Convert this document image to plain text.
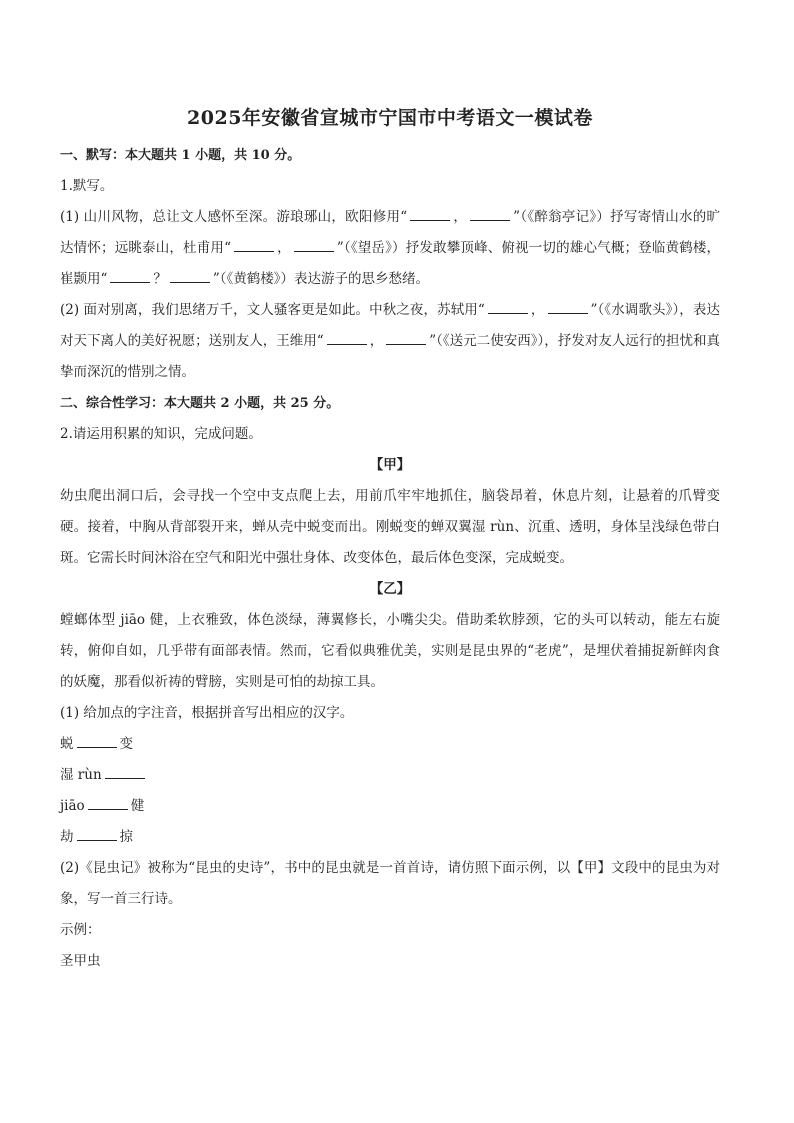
2025年安徽省宣城市宁国市中考语文一模试卷

一、默写：本大题共 1 小题，共 10 分。

1.默写。

(1) 山川风物，总让文人感怀至深。游琅琊山，欧阳修用“	，	”（《醉翁亭记》）抒写寄情山水的旷达情怀；远眺泰山，杜甫用“	，	”（《望岳》）抒发敢攀顶峰、俯视一切的雄心气概；登临黄鹤楼，崔颢用“	？	”（《黄鹤楼》）表达游子的思乡愁绪。

(2) 面对别离，我们思绪万千，文人骚客更是如此。中秋之夜，苏轼用“	，	”（《水调歌头》），表达对天下离人的美好祝愿；送别友人，王维用“	，	”（《送元二使安西》），抒发对友人远行的担忧和真挚而深沉的惜别之情。

二、综合性学习：本大题共 2 小题，共 25 分。

2.请运用积累的知识，完成问题。

【甲】

幼虫爬出洞口后，会寻找一个空中支点爬上去，用前爪牢牢地抓住，脑袋昂着，休息片刻，让悬着的爪臂变硬。接着，中胸从背部裂开来，蝉从壳中蜕变而出。刚蜕变的蝉双翼湿 rùn、沉重、透明，身体呈浅绿色带白斑。它需长时间沐浴在空气和阳光中强壮身体、改变体色，最后体色变深，完成蜕变。

【乙】

螳螂体型 jiāo 健，上衣雅致，体色淡绿，薄翼修长，小嘴尖尖。借助柔软脖颈，它的头可以转动，能左右旋转，俯仰自如，几乎带有面部表情。然而，它看似典雅优美，实则是昆虫界的“老虎”，是埋伏着捕捉新鲜肉食的妖魔，那看似祈祷的臂膀，实则是可怕的劫掠工具。

(1) 给加点的字注音，根据拼音写出相应的汉字。

蜕	变

湿 rùn

jiāo	健

劫	掠

(2)《昆虫记》被称为“昆虫的史诗”，书中的昆虫就是一首首诗，请仿照下面示例，以【甲】文段中的昆虫为对象，写一首三行诗。

示例：

圣甲虫
